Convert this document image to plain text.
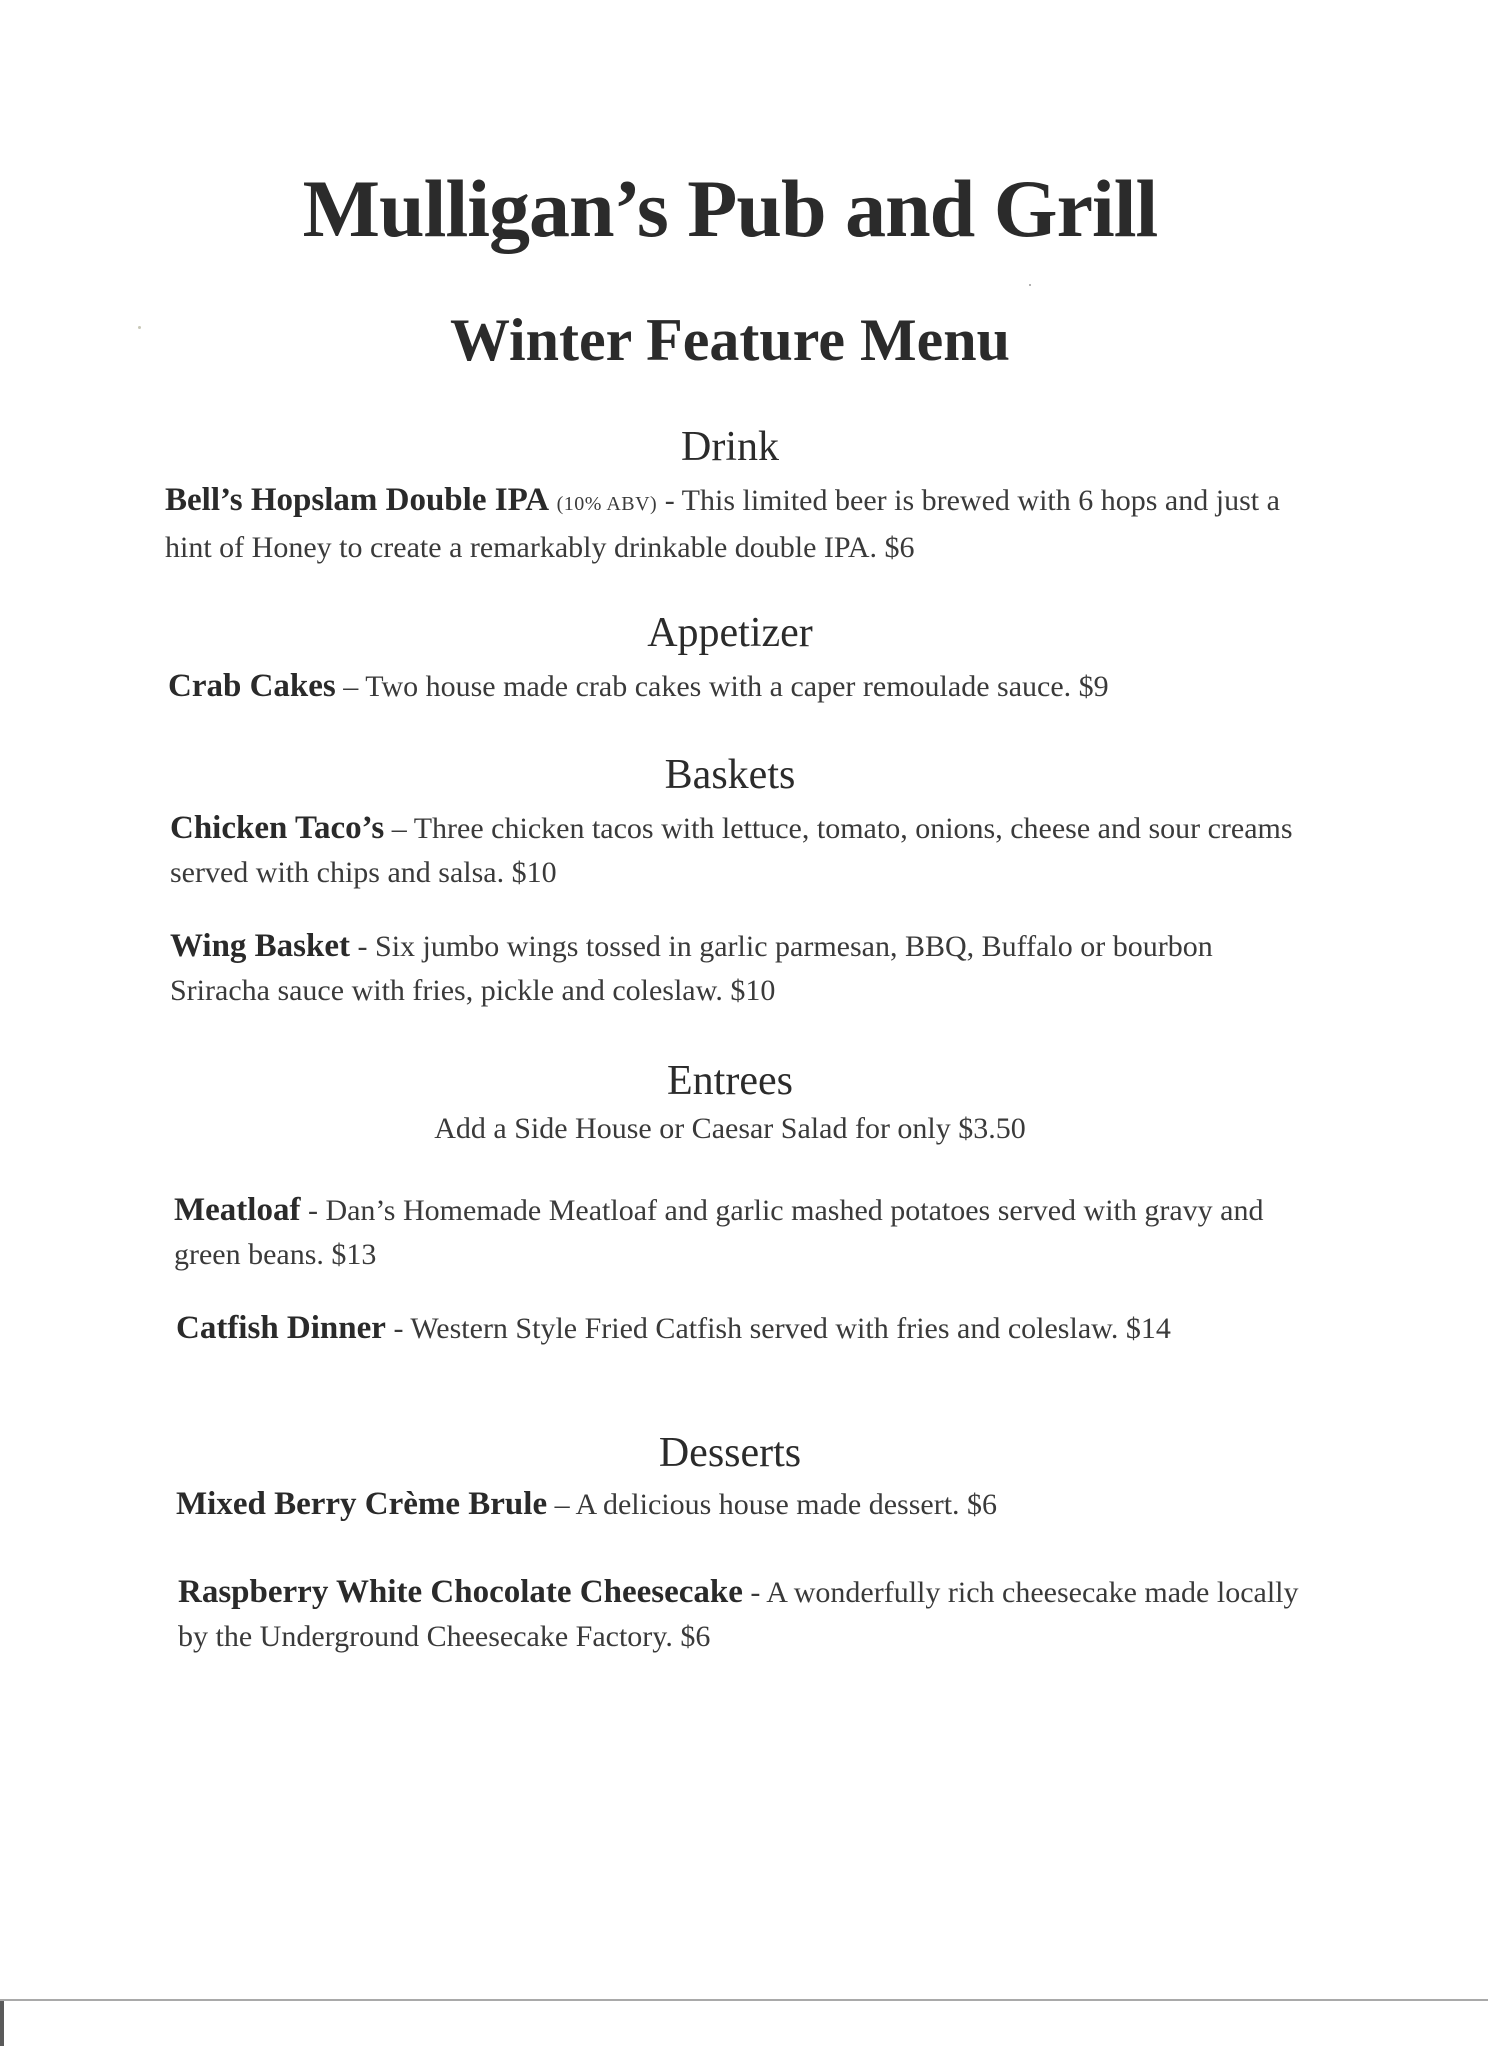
Mulligan’s Pub and Grill
Winter Feature Menu
Drink
Bell’s Hopslam Double IPA (10% ABV) - This limited beer is brewed with 6 hops and just a hint of Honey to create a remarkably drinkable double IPA. $6
Appetizer
Crab Cakes – Two house made crab cakes with a caper remoulade sauce. $9
Baskets
Chicken Taco’s – Three chicken tacos with lettuce, tomato, onions, cheese and sour creams served with chips and salsa. $10
Wing Basket - Six jumbo wings tossed in garlic parmesan, BBQ, Buffalo or bourbon Sriracha sauce with fries, pickle and coleslaw. $10
Entrees
Add a Side House or Caesar Salad for only $3.50
Meatloaf - Dan’s Homemade Meatloaf and garlic mashed potatoes served with gravy and green beans. $13
Catfish Dinner - Western Style Fried Catfish served with fries and coleslaw. $14
Desserts
Mixed Berry Crème Brule – A delicious house made dessert. $6
Raspberry White Chocolate Cheesecake - A wonderfully rich cheesecake made locally by the Underground Cheesecake Factory. $6
